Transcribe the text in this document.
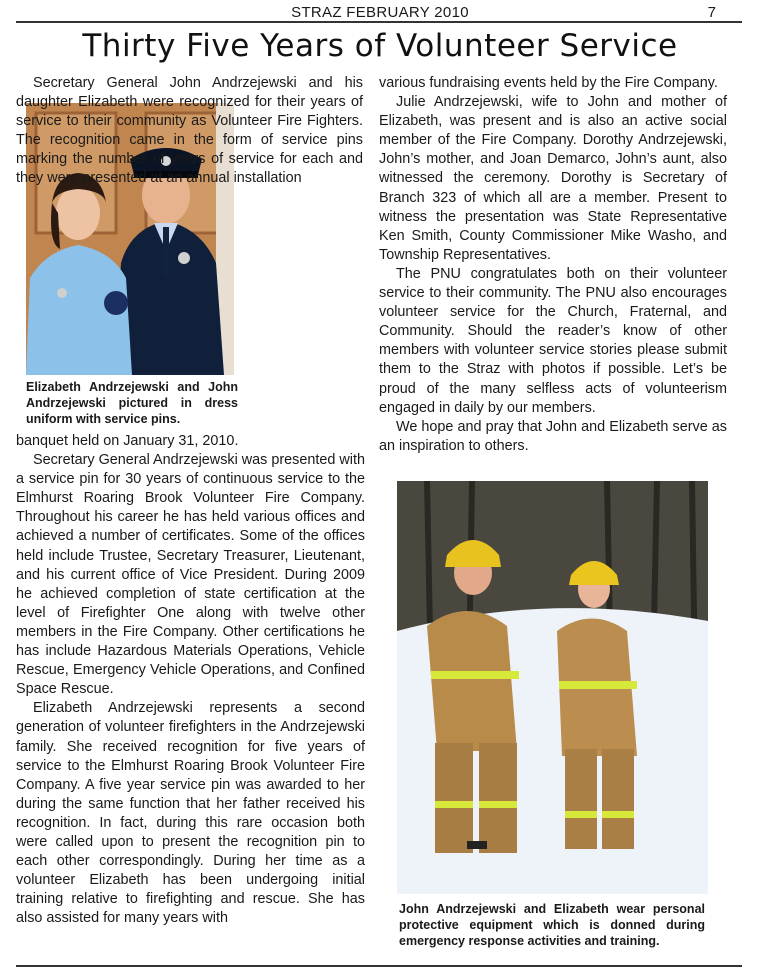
STRAZ FEBRUARY 2010	7
Thirty Five Years of Volunteer Service
Elizabeth Andrzejewski and John Andrzejewski pictured in dress uniform with service pins.
Secretary General John Andrzejewski and his daughter Elizabeth were recognized for their years of service to their community as Volunteer Fire Fighters. The recognition came in the form of service pins marking the number of years of service for each and they were presented at an annual installation

banquet held on January 31, 2010.

Secretary General Andrzejewski was presented with a service pin for 30 years of continuous service to the Elmhurst Roaring Brook Volunteer Fire Company. Throughout his career he has held various offices and achieved a number of certificates. Some of the offices held include Trustee, Secretary Treasurer, Lieutenant, and his current office of Vice President. During 2009 he achieved completion of state certification at the level of Firefighter One along with twelve other members in the Fire Company. Other certifications he has include Hazardous Materials Operations, Vehicle Rescue, Emergency Vehicle Operations, and Confined Space Rescue.

Elizabeth Andrzejewski represents a second generation of volunteer firefighters in the Andrzejewski family. She received recognition for five years of service to the Elmhurst Roaring Brook Volunteer Fire Company. A five year service pin was awarded to her during the same function that her father received his recognition. In fact, during this rare occasion both were called upon to present the recognition pin to each other correspondingly. During her time as a volunteer Elizabeth has been undergoing initial training relative to firefighting and rescue. She has also assisted for many years with

various fundraising events held by the Fire Company.

Julie Andrzejewski, wife to John and mother of Elizabeth, was present and is also an active social member of the Fire Company. Dorothy Andrzejewski, John’s mother, and Joan Demarco, John’s aunt, also witnessed the ceremony. Dorothy is Secretary of Branch 323 of which all are a member. Present to witness the presentation was State Representative Ken Smith, County Commissioner Mike Washo, and Township Representatives.

The PNU congratulates both on their volunteer service to their community. The PNU also encourages volunteer service for the Church, Fraternal, and Community. Should the reader’s know of other members with volunteer service stories please submit them to the Straz with photos if possible. Let’s be proud of the many selfless acts of volunteerism engaged in daily by our members.

We hope and pray that John and Elizabeth serve as an inspiration to others.

John Andrzejewski and Elizabeth wear personal protective equipment which is donned during emergency response activities and training.
